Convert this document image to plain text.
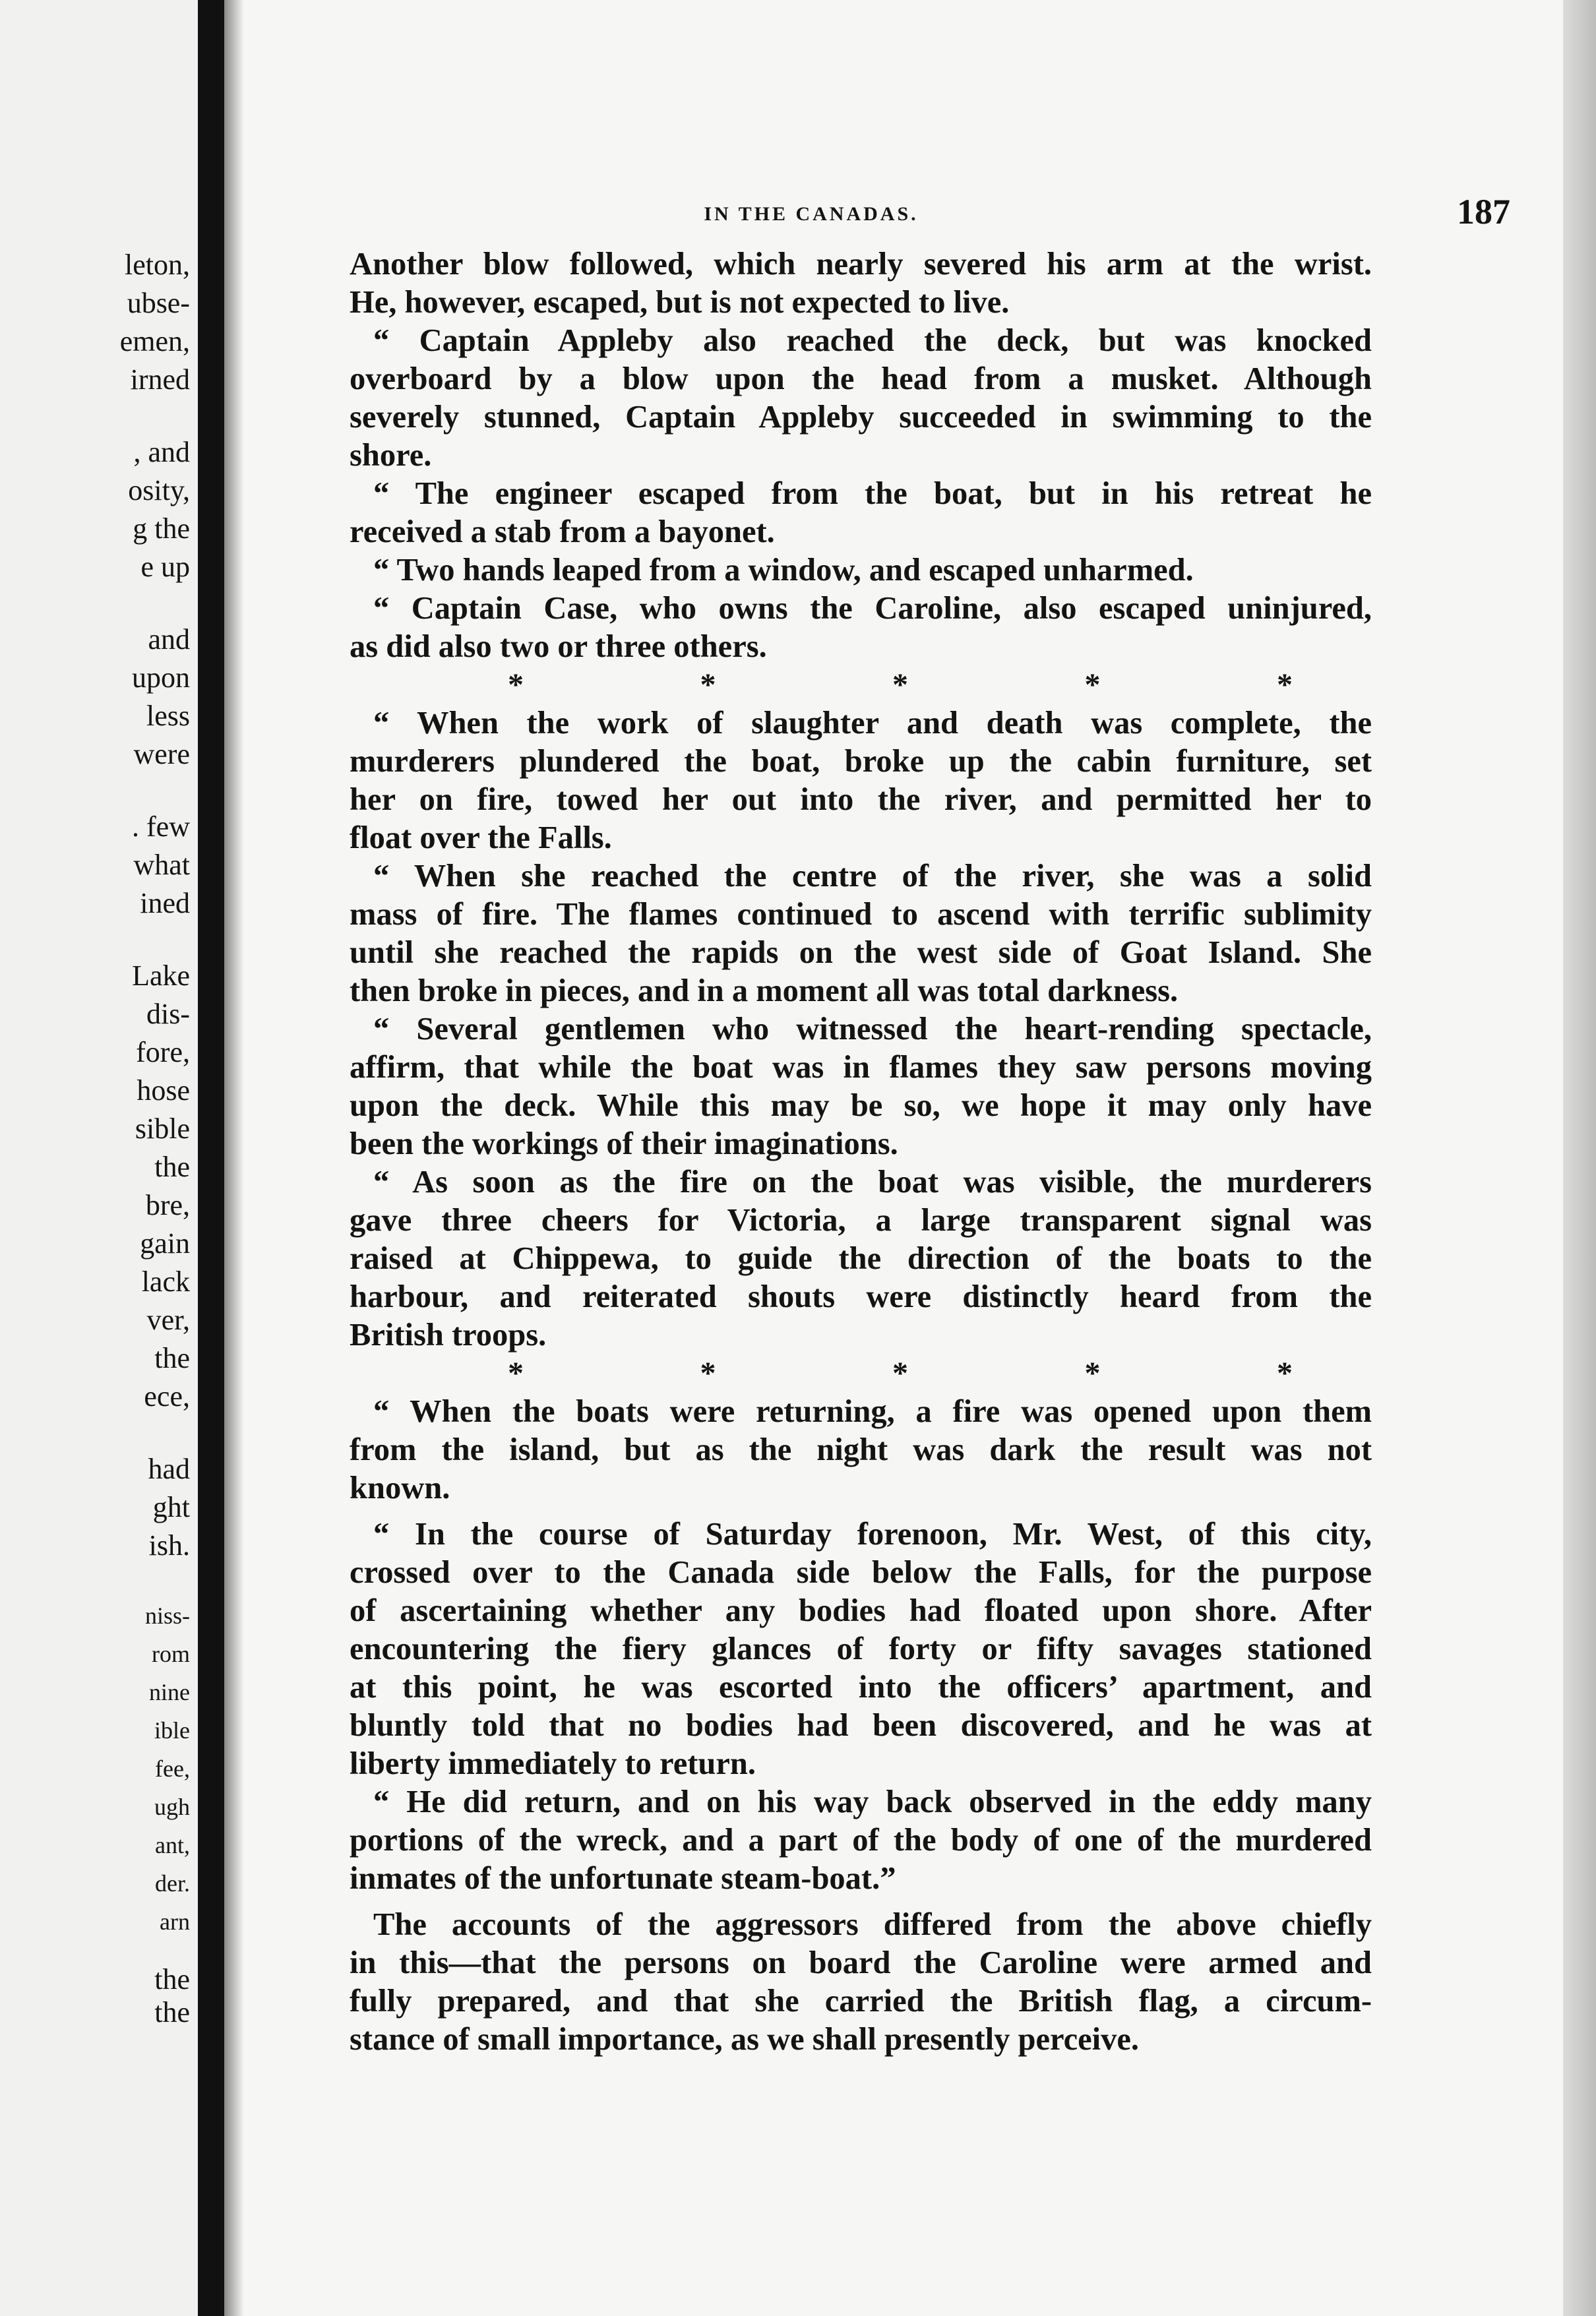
leton,
ubse-
emen,
irned
, and
osity,
g the
e up
and
upon
less
were
. few
what
ined
Lake
dis-
fore,
hose
sible
the
bre,
gain
lack
ver,
the
ece,
had
ght
ish.
niss-
rom
nine
ible
fee,
ugh
ant,
der.
arn
the
the
IN THE CANADAS.	187
Another blow followed, which nearly severed his arm at the wrist.
He, however, escaped, but is not expected to live.
“ Captain Appleby also reached the deck, but was knocked
overboard by a blow upon the head from a musket. Although
severely stunned, Captain Appleby succeeded in swimming to the
shore.
“ The engineer escaped from the boat, but in his retreat he
received a stab from a bayonet.
“ Two hands leaped from a window, and escaped unharmed.
“ Captain Case, who owns the Caroline, also escaped uninjured,
as did also two or three others.
*	*	*	*	*
“ When the work of slaughter and death was complete, the
murderers plundered the boat, broke up the cabin furniture, set
her on fire, towed her out into the river, and permitted her to
float over the Falls.
“ When she reached the centre of the river, she was a solid
mass of fire. The flames continued to ascend with terrific sublimity
until she reached the rapids on the west side of Goat Island. She
then broke in pieces, and in a moment all was total darkness.
“ Several gentlemen who witnessed the heart-rending spectacle,
affirm, that while the boat was in flames they saw persons moving
upon the deck. While this may be so, we hope it may only have
been the workings of their imaginations.
“ As soon as the fire on the boat was visible, the murderers
gave three cheers for Victoria, a large transparent signal was
raised at Chippewa, to guide the direction of the boats to the
harbour, and reiterated shouts were distinctly heard from the
British troops.
*	*	*	*	*
“ When the boats were returning, a fire was opened upon them
from the island, but as the night was dark the result was not
known.
“ In the course of Saturday forenoon, Mr. West, of this city,
crossed over to the Canada side below the Falls, for the purpose
of ascertaining whether any bodies had floated upon shore. After
encountering the fiery glances of forty or fifty savages stationed
at this point, he was escorted into the officers’ apartment, and
bluntly told that no bodies had been discovered, and he was at
liberty immediately to return.
“ He did return, and on his way back observed in the eddy many
portions of the wreck, and a part of the body of one of the murdered
inmates of the unfortunate steam-boat.”
The accounts of the aggressors differed from the above chiefly
in this—that the persons on board the Caroline were armed and
fully prepared, and that she carried the British flag, a circum-
stance of small importance, as we shall presently perceive.
